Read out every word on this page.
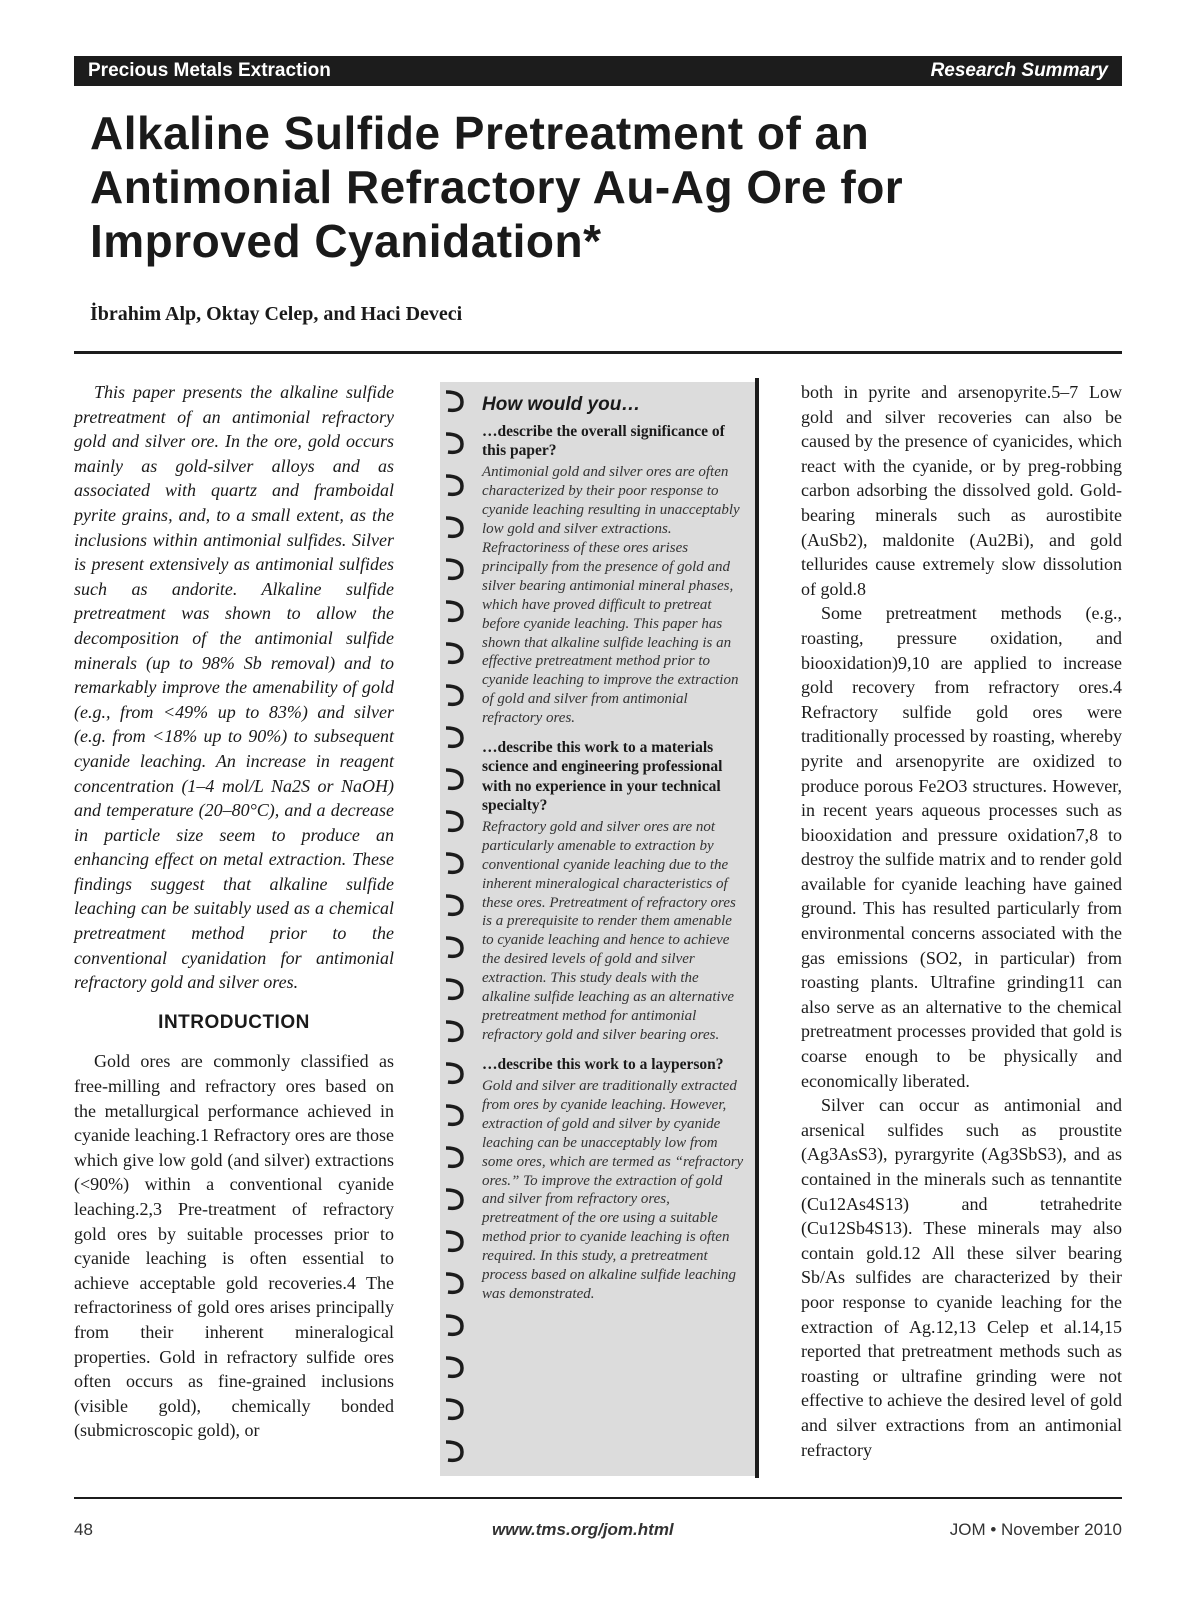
Precious Metals Extraction	Research Summary
Alkaline Sulfide Pretreatment of an
Antimonial Refractory Au-Ag Ore for
Improved Cyanidation*
İbrahim Alp, Oktay Celep, and Haci Deveci

This paper presents the alkaline sulfide pretreatment of an antimonial refractory gold and silver ore. In the ore, gold occurs mainly as gold-silver alloys and as associated with quartz and framboidal pyrite grains, and, to a small extent, as the inclusions within antimonial sulfides. Silver is present extensively as antimonial sulfides such as andorite. Alkaline sulfide pretreatment was shown to allow the decomposition of the antimonial sulfide minerals (up to 98% Sb removal) and to remarkably improve the amenability of gold (e.g., from <49% up to 83%) and silver (e.g. from <18% up to 90%) to subsequent cyanide leaching. An increase in reagent concentration (1–4 mol/L Na2S or NaOH) and temperature (20–80°C), and a decrease in particle size seem to produce an enhancing effect on metal extraction. These findings suggest that alkaline sulfide leaching can be suitably used as a chemical pretreatment method prior to the conventional cyanidation for antimonial refractory gold and silver ores.

INTRODUCTION

Gold ores are commonly classified as free-milling and refractory ores based on the metallurgical performance achieved in cyanide leaching.1 Refractory ores are those which give low gold (and silver) extractions (<90%) within a conventional cyanide leaching.2,3 Pre-treatment of refractory gold ores by suitable processes prior to cyanide leaching is often essential to achieve acceptable gold recoveries.4 The refractoriness of gold ores arises principally from their inherent mineralogical properties. Gold in refractory sulfide ores often occurs as fine-grained inclusions (visible gold), chemically bonded (submicroscopic gold), or

How would you…

…describe the overall significance of this paper?

Antimonial gold and silver ores are often characterized by their poor response to cyanide leaching resulting in unacceptably low gold and silver extractions. Refractoriness of these ores arises principally from the presence of gold and silver bearing antimonial mineral phases, which have proved difficult to pretreat before cyanide leaching. This paper has shown that alkaline sulfide leaching is an effective pretreatment method prior to cyanide leaching to improve the extraction of gold and silver from antimonial refractory ores.

…describe this work to a materials science and engineering professional with no experience in your technical specialty?

Refractory gold and silver ores are not particularly amenable to extraction by conventional cyanide leaching due to the inherent mineralogical characteristics of these ores. Pretreatment of refractory ores is a prerequisite to render them amenable to cyanide leaching and hence to achieve the desired levels of gold and silver extraction. This study deals with the alkaline sulfide leaching as an alternative pretreatment method for antimonial refractory gold and silver bearing ores.

…describe this work to a layperson?

Gold and silver are traditionally extracted from ores by cyanide leaching. However, extraction of gold and silver by cyanide leaching can be unacceptably low from some ores, which are termed as “refractory ores.” To improve the extraction of gold and silver from refractory ores, pretreatment of the ore using a suitable method prior to cyanide leaching is often required. In this study, a pretreatment process based on alkaline sulfide leaching was demonstrated.

both in pyrite and arsenopyrite.5–7 Low gold and silver recoveries can also be caused by the presence of cyanicides, which react with the cyanide, or by preg-robbing carbon adsorbing the dissolved gold. Gold-bearing minerals such as aurostibite (AuSb2), maldonite (Au2Bi), and gold tellurides cause extremely slow dissolution of gold.8

Some pretreatment methods (e.g., roasting, pressure oxidation, and biooxidation)9,10 are applied to increase gold recovery from refractory ores.4 Refractory sulfide gold ores were traditionally processed by roasting, whereby pyrite and arsenopyrite are oxidized to produce porous Fe2O3 structures. However, in recent years aqueous processes such as biooxidation and pressure oxidation7,8 to destroy the sulfide matrix and to render gold available for cyanide leaching have gained ground. This has resulted particularly from environmental concerns associated with the gas emissions (SO2, in particular) from roasting plants. Ultrafine grinding11 can also serve as an alternative to the chemical pretreatment processes provided that gold is coarse enough to be physically and economically liberated.

Silver can occur as antimonial and arsenical sulfides such as proustite (Ag3AsS3), pyrargyrite (Ag3SbS3), and as contained in the minerals such as tennantite (Cu12As4S13) and tetrahedrite (Cu12Sb4S13). These minerals may also contain gold.12 All these silver bearing Sb/As sulfides are characterized by their poor response to cyanide leaching for the extraction of Ag.12,13 Celep et al.14,15 reported that pretreatment methods such as roasting or ultrafine grinding were not effective to achieve the desired level of gold and silver extractions from an antimonial refractory

48	www.tms.org/jom.html	JOM • November 2010
